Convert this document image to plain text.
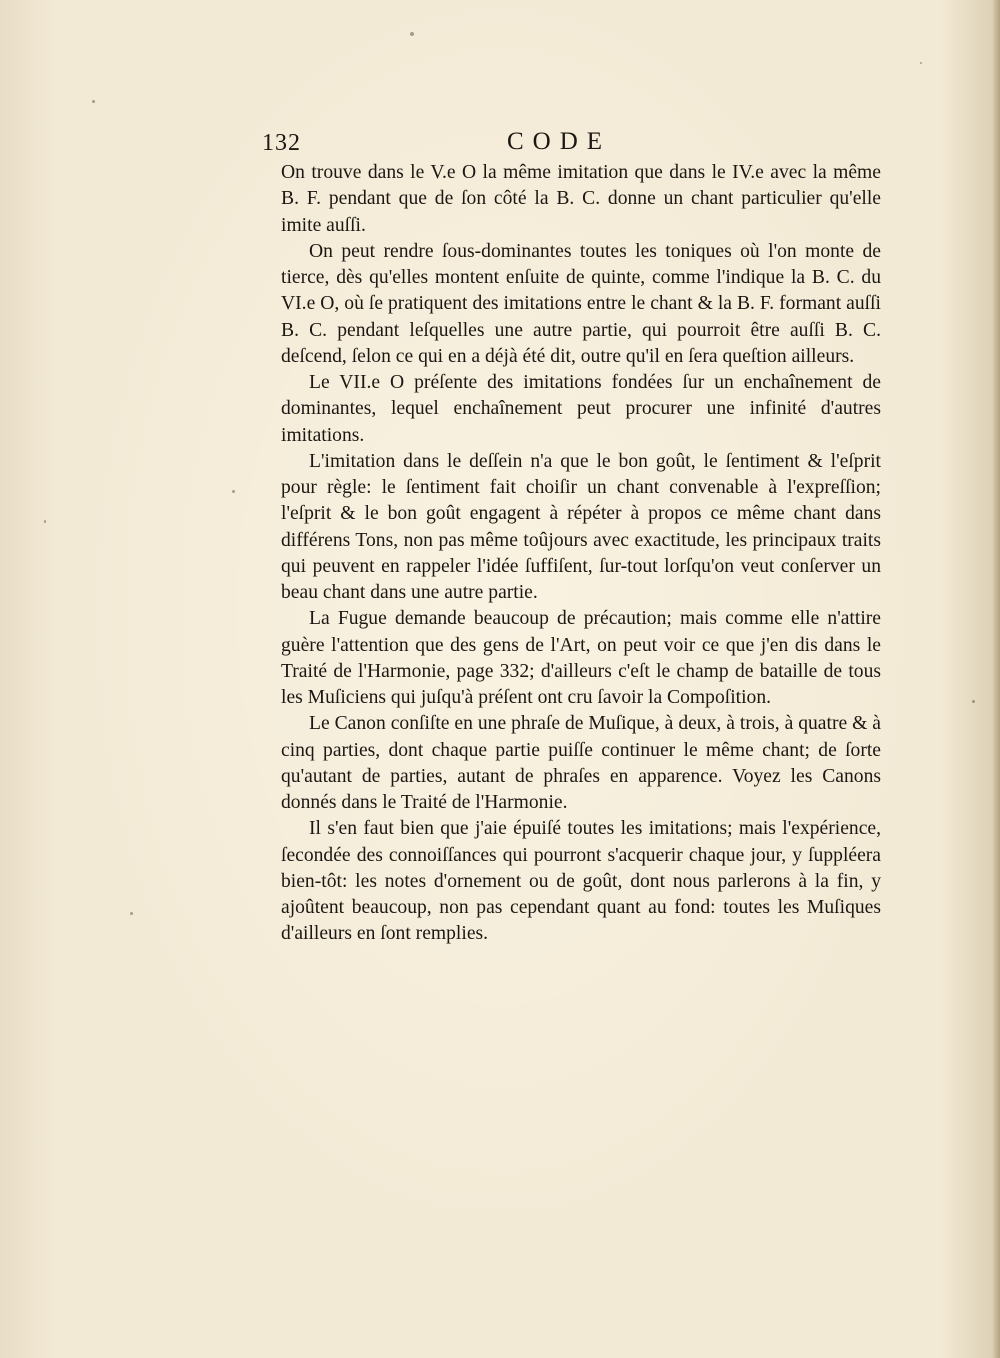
132	CODE

On trouve dans le V.e O la même imitation que dans le IV.e avec la même B. F. pendant que de ſon côté la B. C. donne un chant particulier qu'elle imite auſſi.

On peut rendre ſous-dominantes toutes les toniques où l'on monte de tierce, dès qu'elles montent enſuite de quinte, comme l'indique la B. C. du VI.e O, où ſe pratiquent des imitations entre le chant & la B. F. formant auſſi B. C. pendant leſquelles une autre partie, qui pourroit être auſſi B. C. deſcend, ſelon ce qui en a déjà été dit, outre qu'il en ſera queſtion ailleurs.

Le VII.e O préſente des imitations fondées ſur un enchaînement de dominantes, lequel enchaînement peut procurer une infinité d'autres imitations.

L'imitation dans le deſſein n'a que le bon goût, le ſentiment & l'eſprit pour règle: le ſentiment fait choiſir un chant convenable à l'expreſſion; l'eſprit & le bon goût engagent à répéter à propos ce même chant dans différens Tons, non pas même toûjours avec exactitude, les principaux traits qui peuvent en rappeler l'idée ſuffiſent, ſur-tout lorſqu'on veut conſerver un beau chant dans une autre partie.

La Fugue demande beaucoup de précaution; mais comme elle n'attire guère l'attention que des gens de l'Art, on peut voir ce que j'en dis dans le Traité de l'Harmonie, page 332; d'ailleurs c'eſt le champ de bataille de tous les Muſiciens qui juſqu'à préſent ont cru ſavoir la Compoſition.

Le Canon conſiſte en une phraſe de Muſique, à deux, à trois, à quatre & à cinq parties, dont chaque partie puiſſe continuer le même chant; de ſorte qu'autant de parties, autant de phraſes en apparence. Voyez les Canons donnés dans le Traité de l'Harmonie.

Il s'en faut bien que j'aie épuiſé toutes les imitations; mais l'expérience, ſecondée des connoiſſances qui pourront s'acquerir chaque jour, y ſuppléera bien-tôt: les notes d'ornement ou de goût, dont nous parlerons à la fin, y ajoûtent beaucoup, non pas cependant quant au fond: toutes les Muſiques d'ailleurs en ſont remplies.
